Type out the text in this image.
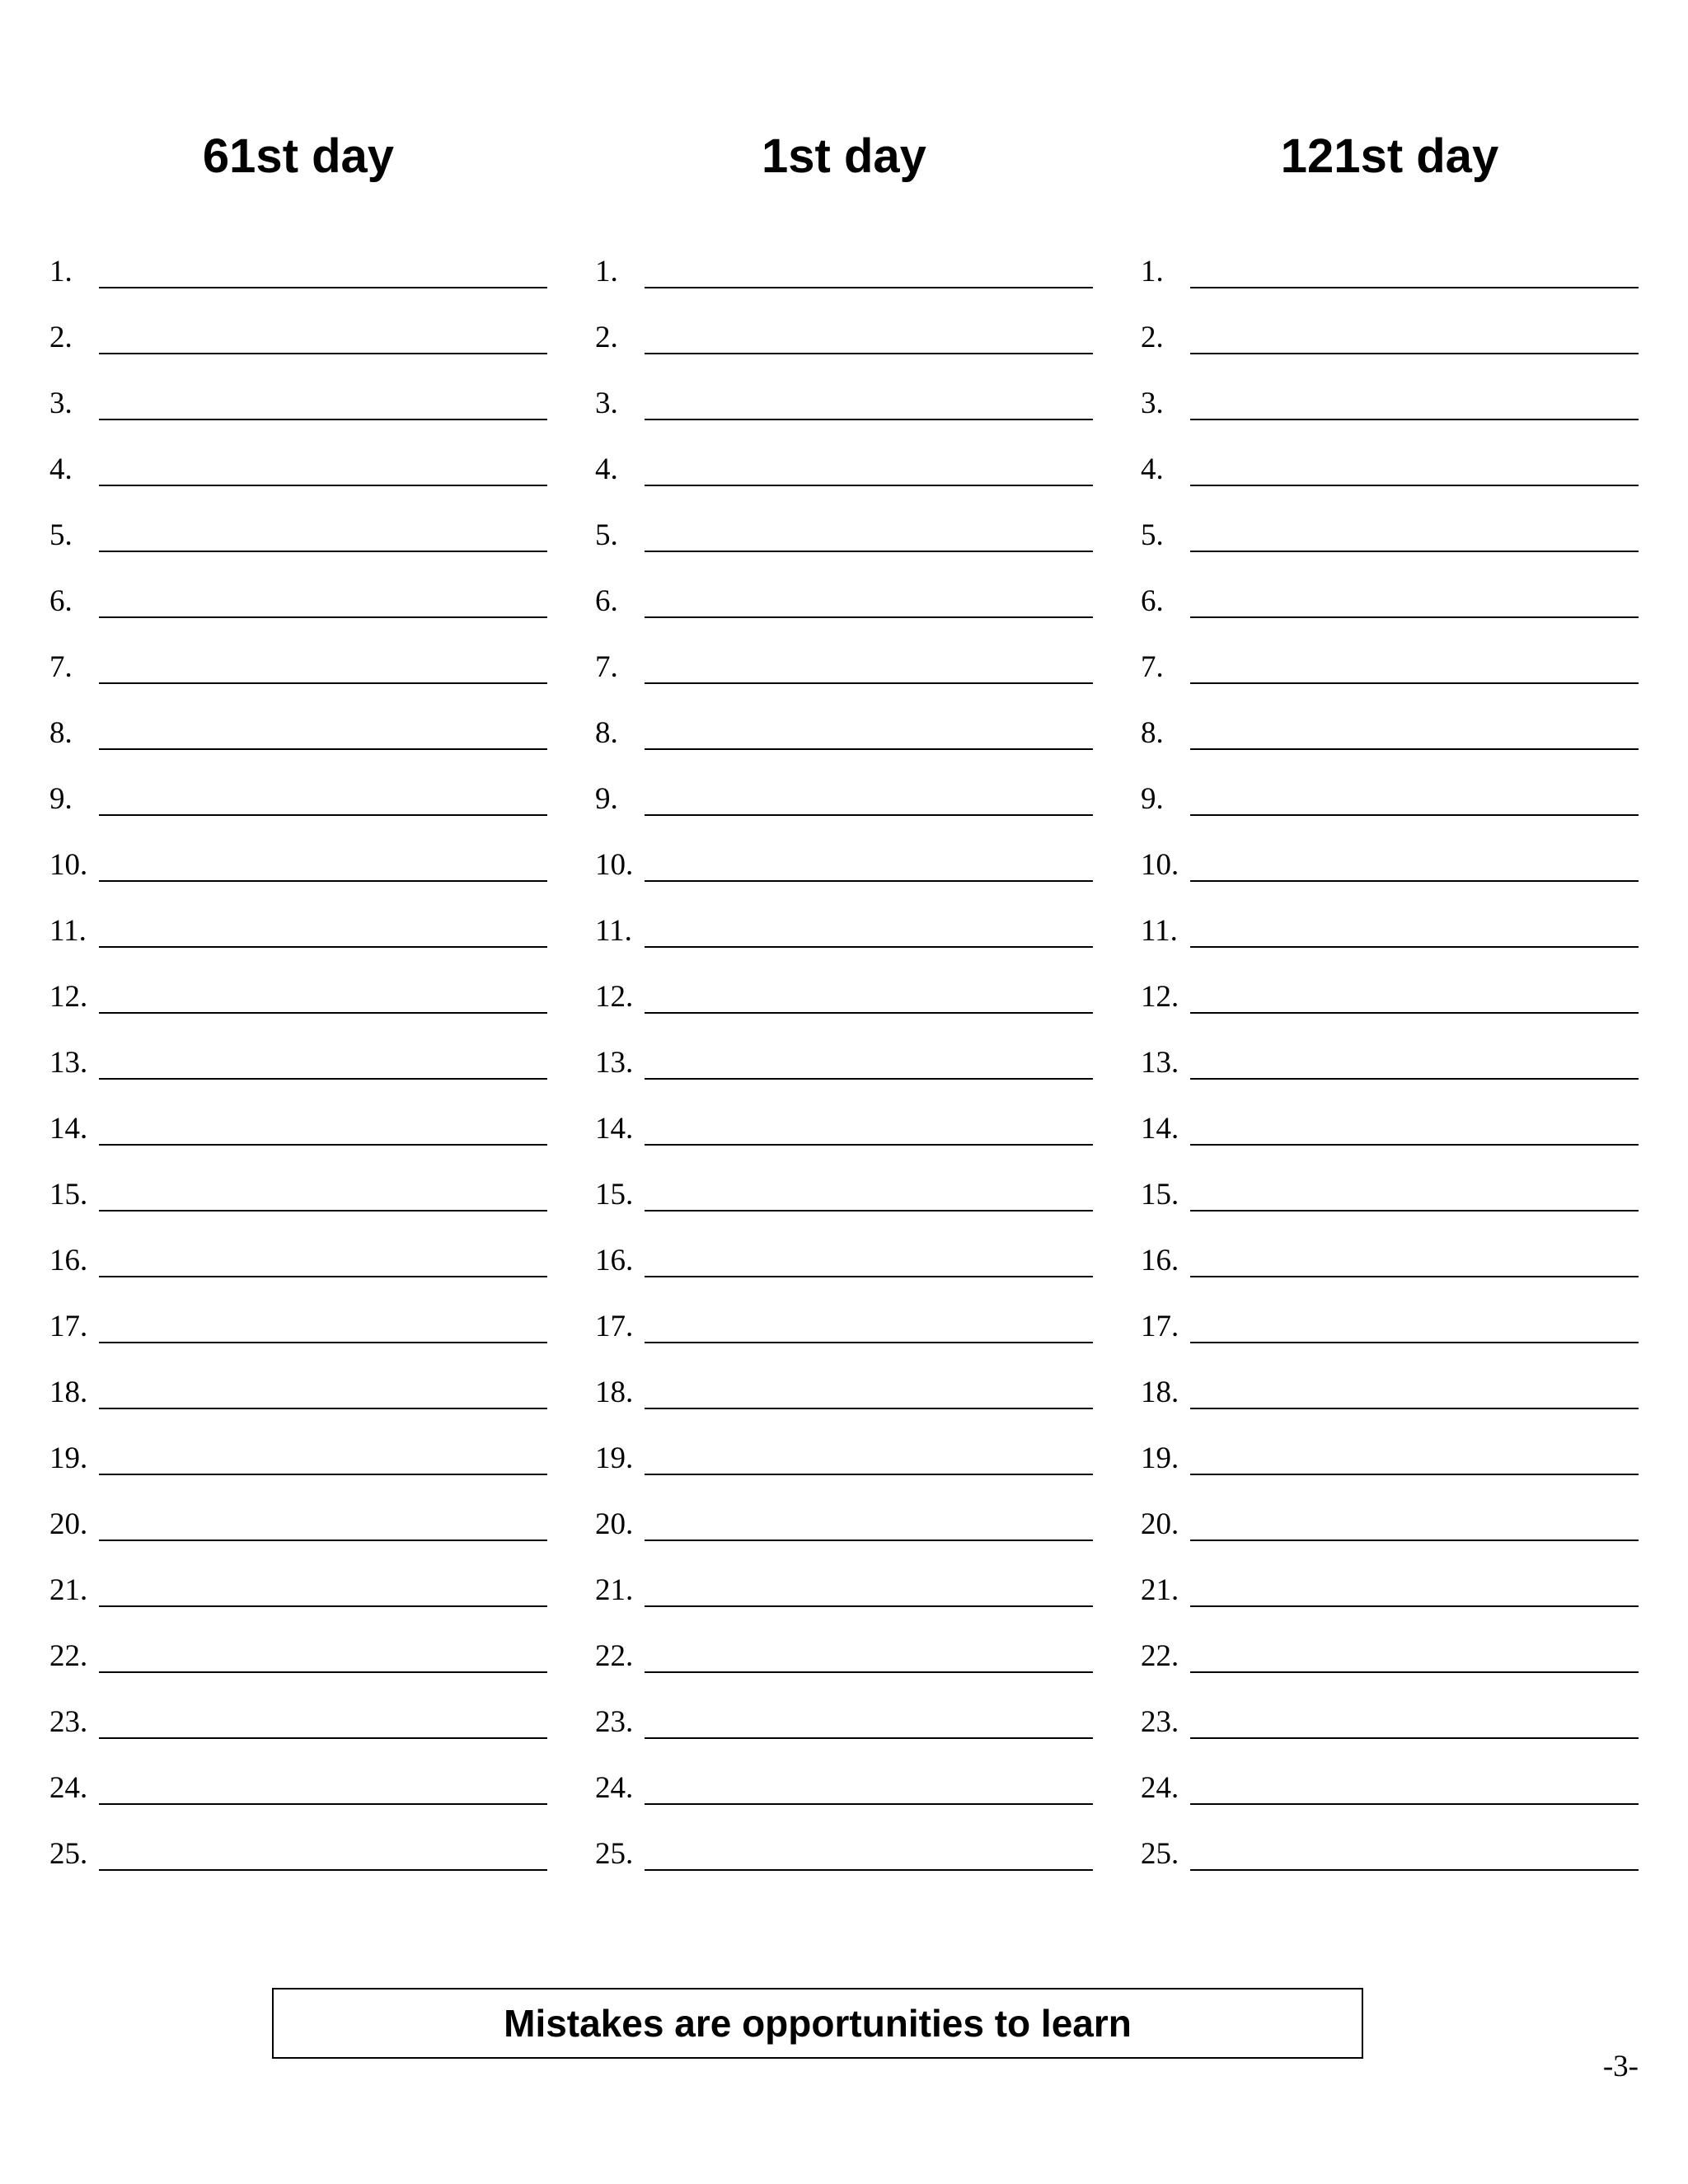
61st day
1.
2.
3.
4.
5.
6.
7.
8.
9.
10.
11.
12.
13.
14.
15.
16.
17.
18.
19.
20.
21.
22.
23.
24.
25.
1st day
1.
2.
3.
4.
5.
6.
7.
8.
9.
10.
11.
12.
13.
14.
15.
16.
17.
18.
19.
20.
21.
22.
23.
24.
25.
121st day
1.
2.
3.
4.
5.
6.
7.
8.
9.
10.
11.
12.
13.
14.
15.
16.
17.
18.
19.
20.
21.
22.
23.
24.
25.
Mistakes are opportunities to learn
-3-
